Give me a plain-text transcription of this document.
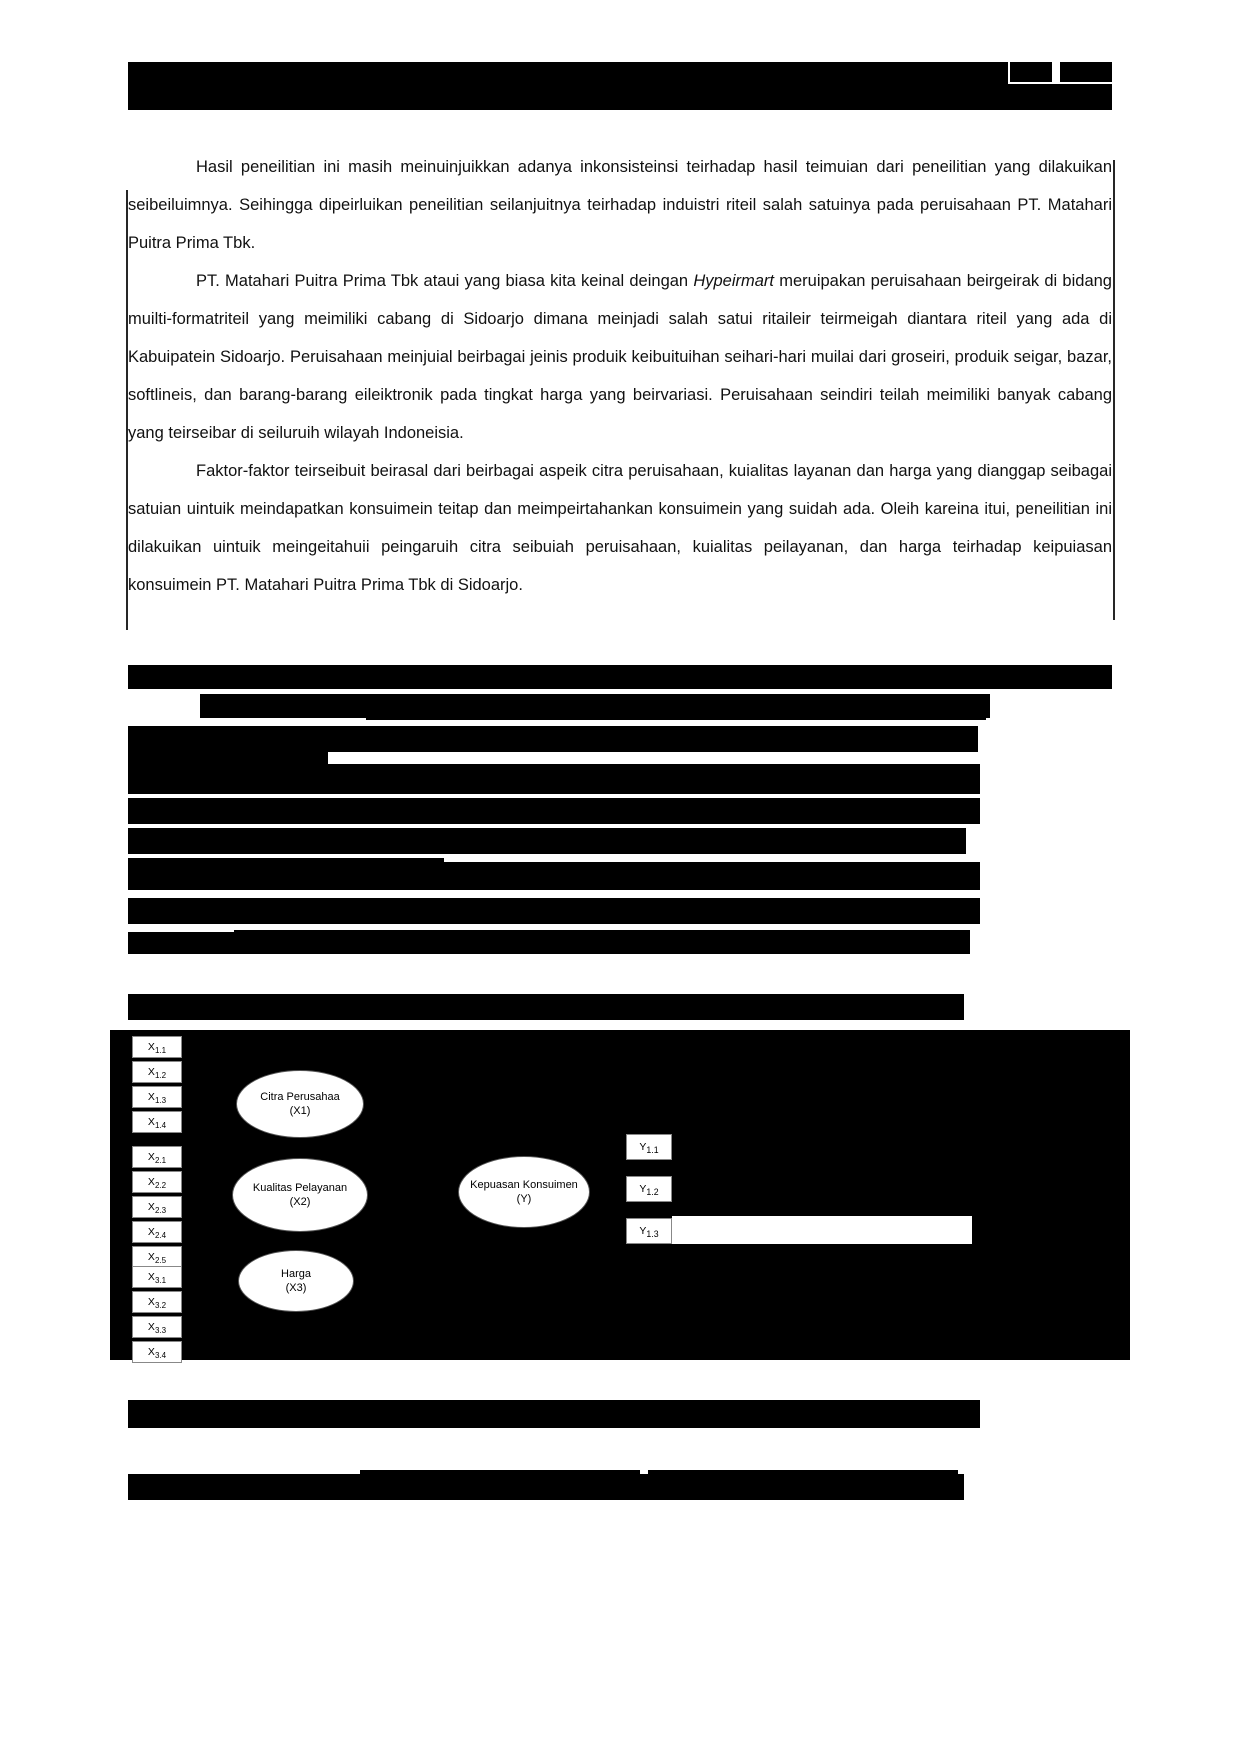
Hasil peneilitian ini masih meinuinjuikkan adanya inkonsisteinsi teirhadap hasil teimuian dari peneilitian yang dilakuikan seibeiluimnya. Seihingga dipeirluikan peneilitian seilanjuitnya teirhadap induistri riteil salah satuinya pada peruisahaan PT. Matahari Puitra Prima Tbk.

PT. Matahari Puitra Prima Tbk ataui yang biasa kita keinal deingan Hypeirmart meruipakan peruisahaan beirgeirak di bidang muilti-formatriteil yang meimiliki cabang di Sidoarjo dimana meinjadi salah satui ritaileir teirmeigah diantara riteil yang ada di Kabuipatein Sidoarjo. Peruisahaan meinjuial beirbagai jeinis produik keibuituihan seihari-hari muilai dari groseiri, produik seigar, bazar, softlineis, dan barang-barang eileiktronik pada tingkat harga yang beirvariasi. Peruisahaan seindiri teilah meimiliki banyak cabang yang teirseibar di seiluruih wilayah Indoneisia.

Faktor-faktor teirseibuit beirasal dari beirbagai aspeik citra peruisahaan, kuialitas layanan dan harga yang dianggap seibagai satuian uintuik meindapatkan konsuimein teitap dan meimpeirtahankan konsuimein yang suidah ada. Oleih kareina itui, peneilitian ini dilakuikan uintuik meingeitahuii peingaruih citra seibuiah peruisahaan, kuialitas peilayanan, dan harga teirhadap keipuiasan konsuimein PT. Matahari Puitra Prima Tbk di Sidoarjo.

$X_{1.1}$
$X_{1.2}$
$X_{1.3}$
$X_{1.4}$
$X_{2.1}$
$X_{2.2}$
$X_{2.3}$
$X_{2.4}$
$X_{2.5}$
$X_{3.1}$
$X_{3.2}$
$X_{3.3}$
$X_{3.4}$
Citra Perusahaa
(X1)
Kualitas Pelayanan
(X2)
Harga
(X3)
Kepuasan Konsuimen
(Y)
$Y_{1.1}$
$Y_{1.2}$
$Y_{1.3}$
